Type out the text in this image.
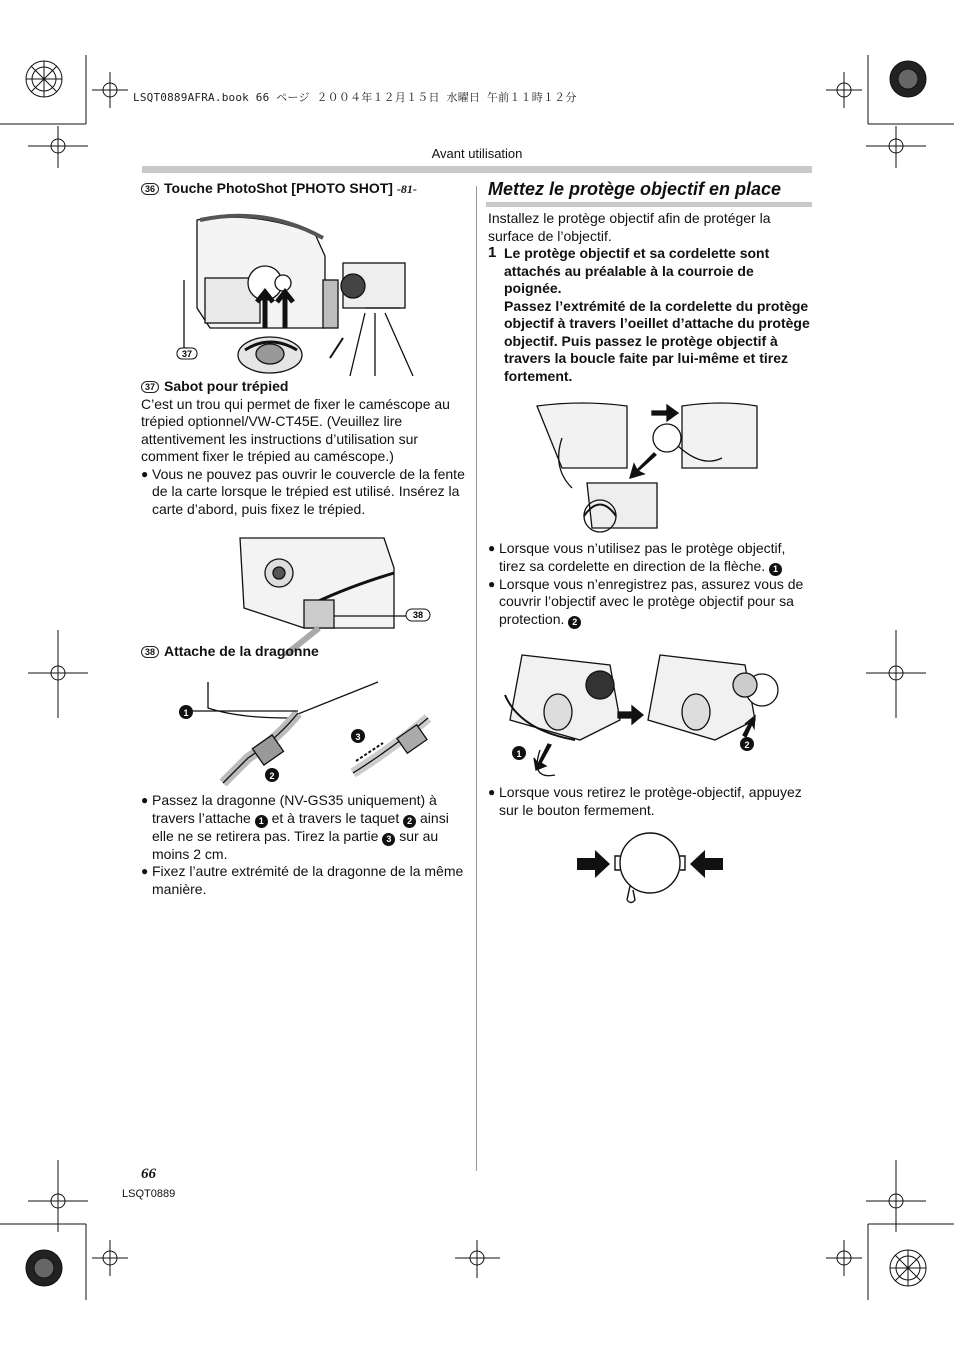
LSQT0889AFRA.book 66 ページ ２００４年１２月１５日 水曜日 午前１１時１２分
Avant utilisation
36 Touche PhotoShot [PHOTO SHOT] -81-
37
37 Sabot pour trépied
C’est un trou qui permet de fixer le caméscope au trépied optionnel/VW-CT45E. (Veuillez lire attentivement les instructions d’utilisation sur comment fixer le trépied au caméscope.)
● Vous ne pouvez pas ouvrir le couvercle de la fente de la carte lorsque le trépied est utilisé. Insérez la carte d’abord, puis fixez le trépied.
38
38 Attache de la dragonne
1
2
3
● Passez la dragonne (NV-GS35 uniquement) à travers l’attache 1 et à travers le taquet 2 ainsi elle ne se retirera pas. Tirez la partie 3 sur au moins 2 cm.
● Fixez l’autre extrémité de la dragonne de la même manière.
Mettez le protège objectif en place
Installez le protège objectif afin de protéger la surface de l’objectif.
1 Le protège objectif et sa cordelette sont attachés au préalable à la courroie de poignée.
Passez l’extrémité de la cordelette du protège objectif à travers l’oeillet d’attache du protège objectif. Puis passez le protège objectif à travers la boucle faite par lui-même et tirez fortement.
● Lorsque vous n’utilisez pas le protège objectif, tirez sa cordelette en direction de la flèche. 1
● Lorsque vous n’enregistrez pas, assurez vous de couvrir l’objectif avec le protège objectif pour sa protection. 2
1
2
● Lorsque vous retirez le protège-objectif, appuyez sur le bouton fermement.
66
LSQT0889
